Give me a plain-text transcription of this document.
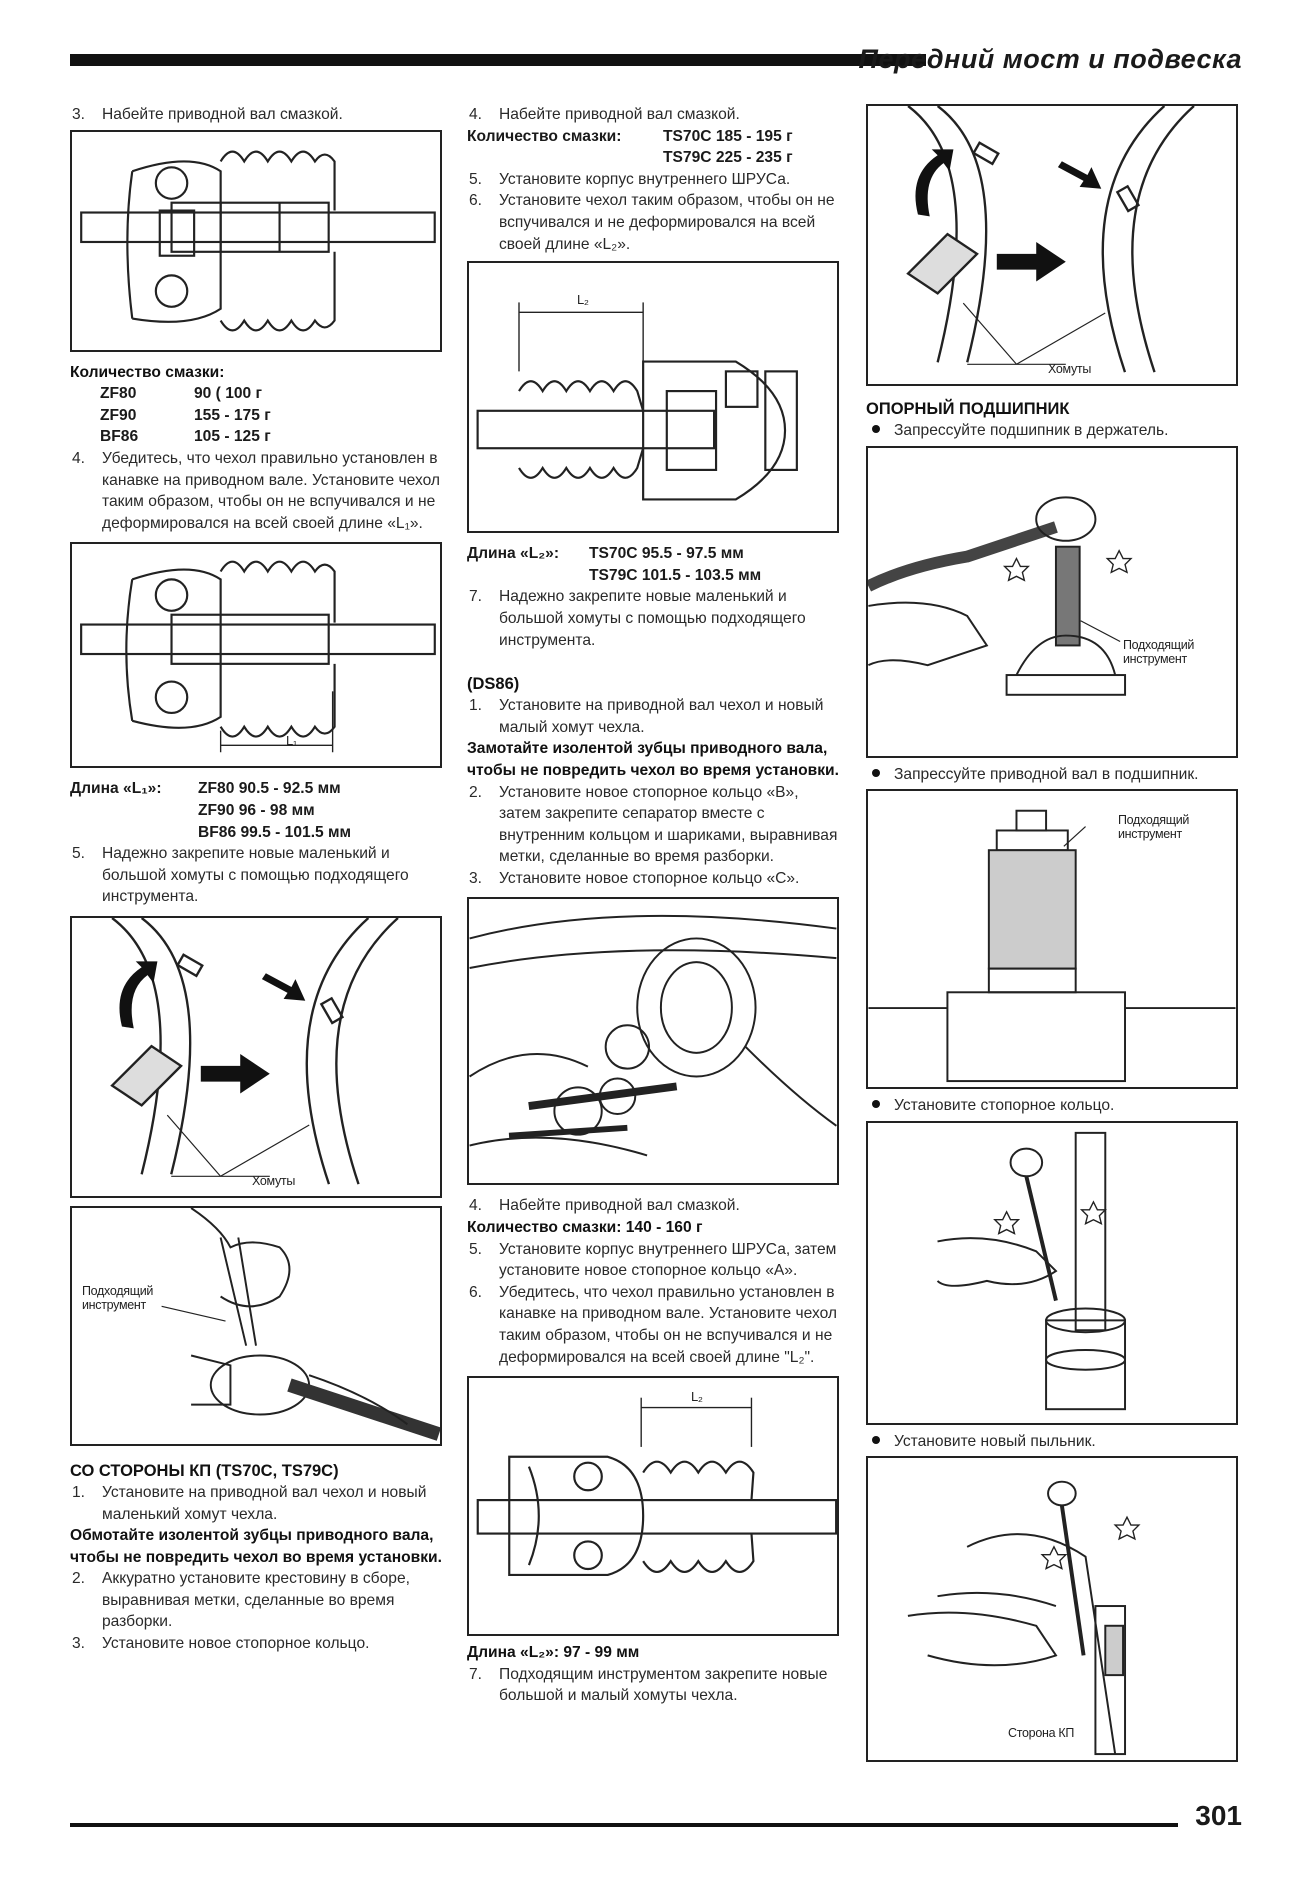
Передний мост и подвеска
3.	Набейте приводной вал смазкой.

Количество смазки:

ZF80	90 ( 100 г
ZF90	155 - 175 г
BF86	105 - 125 г
4.	Убедитесь, что чехол правильно установлен в канавке на приводном вале. Установите чехол таким образом, чтобы он не вспучивался и не деформировался на всей своей длине «L₁».
L₁
Длина «L₁»:	ZF80 90.5 - 92.5 мм
ZF90 96 - 98 мм
BF86 99.5 - 101.5 мм
5.	Надежно закрепите новые маленький и большой хомуты с помощью подходящего инструмента.
Хомуты
Подходящий инструмент

СО СТОРОНЫ КП (TS70C, TS79C)

1.	Установите на приводной вал чехол и новый маленький хомут чехла.

Обмотайте изолентой зубцы приводного вала, чтобы не повредить чехол во время установки.

2.	Аккуратно установите крестовину в сборе, выравнивая метки, сделанные во время разборки.
3.	Установите новое стопорное кольцо.
4.	Набейте приводной вал смазкой.
Количество смазки:	TS70C 185 - 195 г
TS79C 225 - 235 г
5.	Установите корпус внутреннего ШРУСа.
6.	Установите чехол таким образом, чтобы он не вспучивался и не деформировался на всей своей длине «L₂».
L₂
Длина «L₂»:	TS70C 95.5 - 97.5 мм
TS79C 101.5 - 103.5 мм
7.	Надежно закрепите новые маленький и большой хомуты с помощью подходящего инструмента.

(DS86)

1.	Установите на приводной вал чехол и новый малый хомут чехла.

Замотайте изолентой зубцы приводного вала, чтобы не повредить чехол во время установки.

2.	Установите новое стопорное кольцо «B», затем закрепите сепаратор вместе с внутренним кольцом и шариками, выравнивая метки, сделанные во время разборки.
3.	Установите новое стопорное кольцо «C».
4.	Набейте приводной вал смазкой.

Количество смазки: 140 - 160 г

5.	Установите корпус внутреннего ШРУСа, затем установите новое стопорное кольцо «A».
6.	Убедитесь, что чехол правильно установлен в канавке на приводном вале. Установите чехол таким образом, чтобы он не вспучивался и не деформировался на всей своей длине "L₂".
L₂

Длина «L₂»: 97 - 99 мм

7.	Подходящим инструментом закрепите новые большой и малый хомуты чехла.
Хомуты

ОПОРНЫЙ ПОДШИПНИК

Запрессуйте подшипник в держатель.
Подходящий инструмент
Запрессуйте приводной вал в подшипник.
Подходящий инструмент
Установите стопорное кольцо.
Установите новый пыльник.
Сторона КП
301
